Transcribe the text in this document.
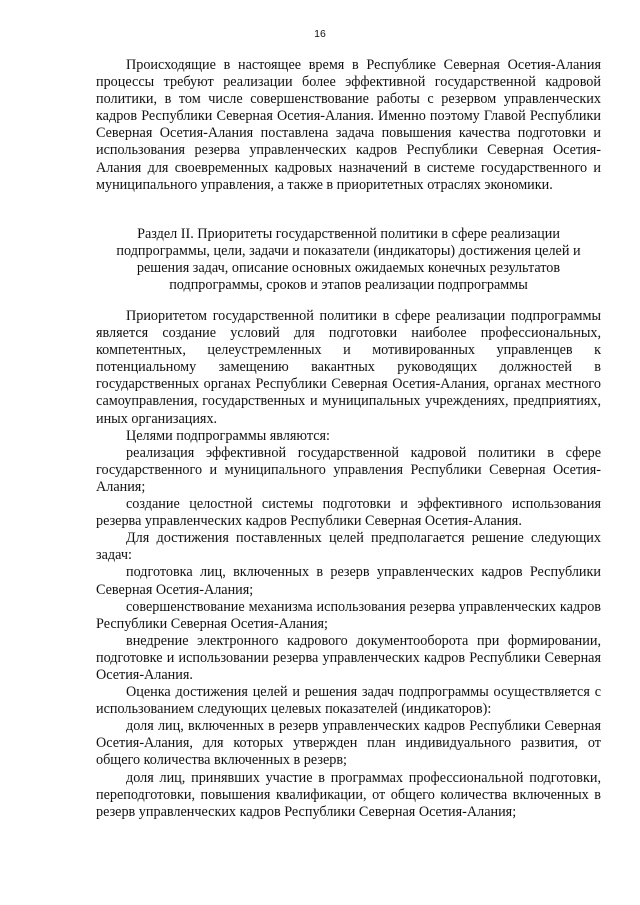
16

Происходящие в настоящее время в Республике Северная Осетия-Алания процессы требуют реализации более эффективной государственной кадровой политики, в том числе совершенствование работы с резервом управленческих кадров Республики Северная Осетия-Алания. Именно поэтому Главой Республики Северная Осетия-Алания поставлена задача повышения качества подготовки и использования резерва управленческих кадров Республики Северная Осетия-Алания для своевременных кадровых назначений в системе государственного и муниципального управления, а также в приоритетных отраслях экономики.

Раздел II. Приоритеты государственной политики в сфере реализации подпрограммы, цели, задачи и показатели (индикаторы) достижения целей и решения задач, описание основных ожидаемых конечных результатов подпрограммы, сроков и этапов реализации подпрограммы

Приоритетом государственной политики в сфере реализации подпрограммы является создание условий для подготовки наиболее профессиональных, компетентных, целеустремленных и мотивированных управленцев к потенциальному замещению вакантных руководящих должностей в государственных органах Республики Северная Осетия-Алания, органах местного самоуправления, государственных и муниципальных учреждениях, предприятиях, иных организациях.

Целями подпрограммы являются:

реализация эффективной государственной кадровой политики в сфере государственного и муниципального управления Республики Северная Осетия-Алания;

создание целостной системы подготовки и эффективного использования резерва управленческих кадров Республики Северная Осетия-Алания.

Для достижения поставленных целей предполагается решение следующих задач:

подготовка лиц, включенных в резерв управленческих кадров Республики Северная Осетия-Алания;

совершенствование механизма использования резерва управленческих кадров Республики Северная Осетия-Алания;

внедрение электронного кадрового документооборота при формировании, подготовке и использовании резерва управленческих кадров Республики Северная Осетия-Алания.

Оценка достижения целей и решения задач подпрограммы осуществляется с использованием следующих целевых показателей (индикаторов):

доля лиц, включенных в резерв управленческих кадров Республики Северная Осетия-Алания, для которых утвержден план индивидуального развития, от общего количества включенных в резерв;

доля лиц, принявших участие в программах профессиональной подготовки, переподготовки, повышения квалификации, от общего количества включенных в резерв управленческих кадров Республики Северная Осетия-Алания;
